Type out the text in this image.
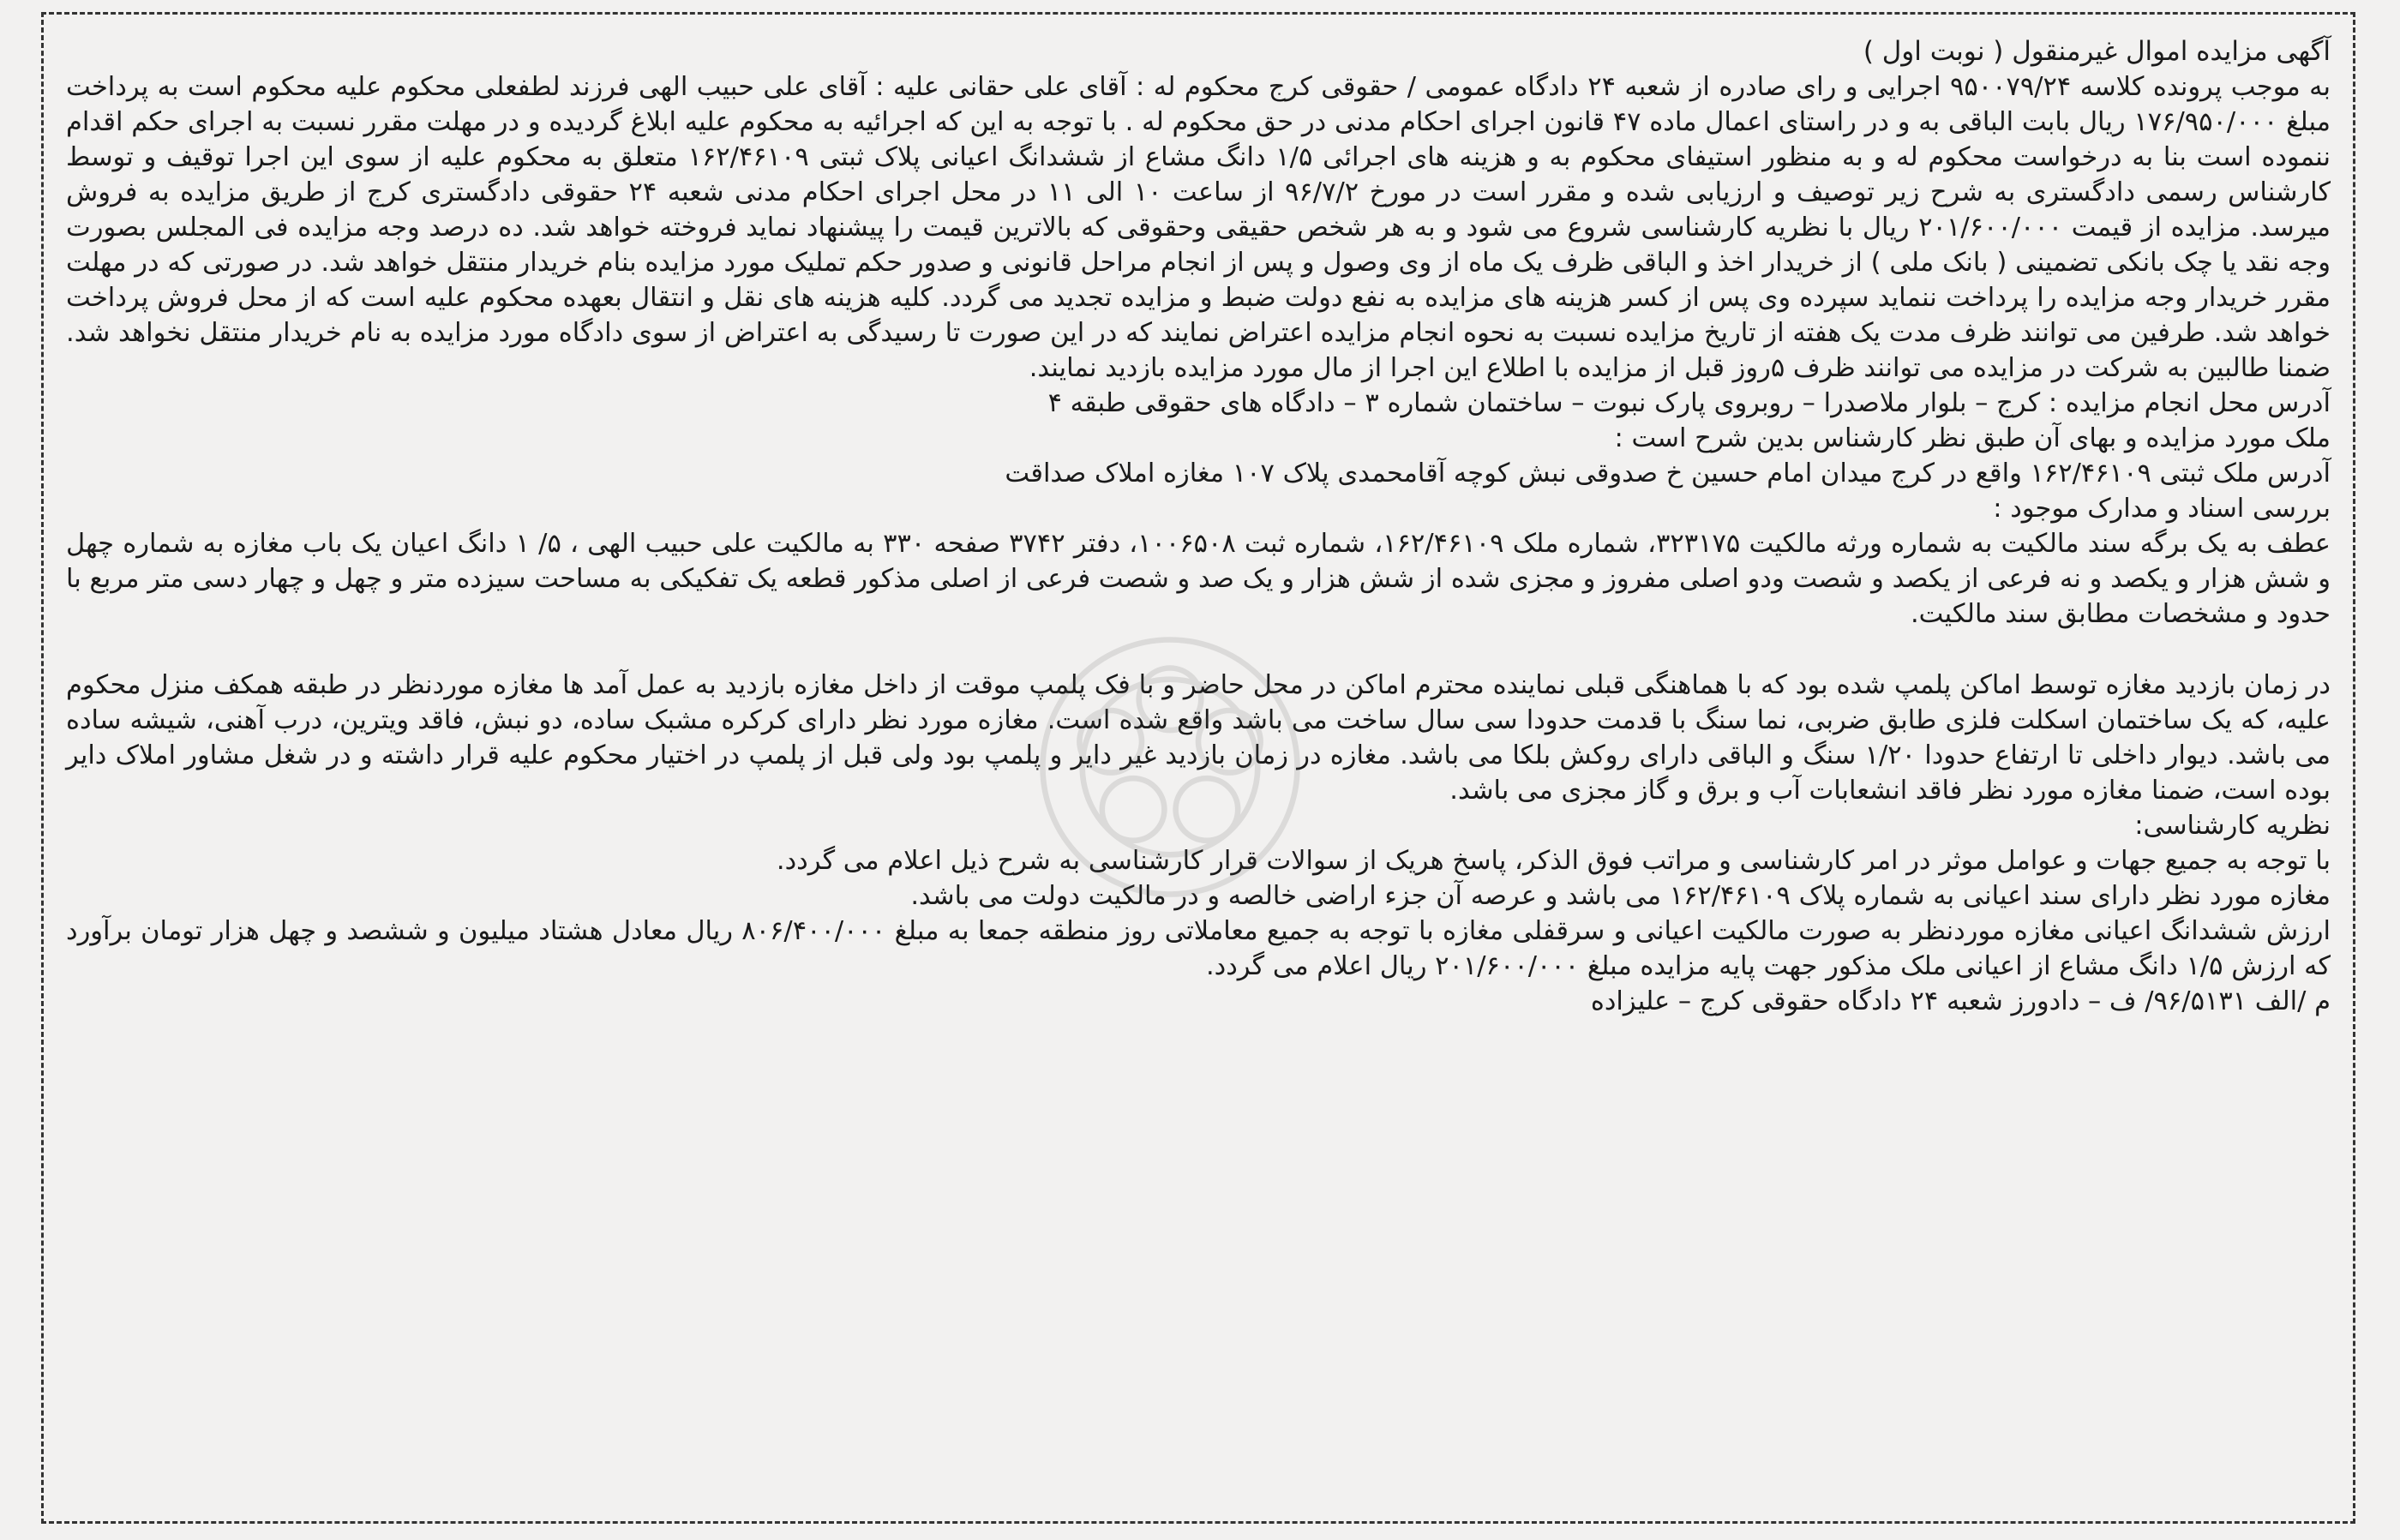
آگهی مزایده اموال غیرمنقول ( نوبت اول )

به موجب پرونده کلاسه ۹۵۰۰۷۹/۲۴ اجرایی و رای صادره از شعبه ۲۴ دادگاه عمومی / حقوقی کرج محکوم له : آقای علی حقانی علیه : آقای علی حبیب الهی فرزند لطفعلی محکوم علیه محکوم است به پرداخت مبلغ ۱۷۶/۹۵۰/۰۰۰ ریال بابت الباقی به و در راستای اعمال ماده ۴۷ قانون اجرای احکام مدنی در حق محکوم له . با توجه به این که اجرائیه به محکوم علیه ابلاغ گردیده و در مهلت مقرر نسبت به اجرای حکم اقدام ننموده است بنا به درخواست محکوم له و به منظور استیفای محکوم به و هزینه های اجرائی ۱/۵ دانگ مشاع از ششدانگ اعیانی پلاک ثبتی ۱۶۲/۴۶۱۰۹ متعلق به محکوم علیه از سوی این اجرا توقیف و توسط کارشناس رسمی دادگستری به شرح زیر توصیف و ارزیابی شده و مقرر است در مورخ ۹۶/۷/۲ از ساعت ۱۰ الی ۱۱ در محل اجرای احکام مدنی شعبه ۲۴ حقوقی دادگستری کرج از طریق مزایده به فروش میرسد. مزایده از قیمت ۲۰۱/۶۰۰/۰۰۰ ریال با نظریه کارشناسی شروع می شود و به هر شخص حقیقی وحقوقی که بالاترین قیمت را پیشنهاد نماید فروخته خواهد شد. ده درصد وجه مزایده فی المجلس بصورت وجه نقد یا چک بانکی تضمینی ( بانک ملی ) از خریدار اخذ و الباقی ظرف یک ماه از وی وصول و پس از انجام مراحل قانونی و صدور حکم تملیک مورد مزایده بنام خریدار منتقل خواهد شد. در صورتی که در مهلت مقرر خریدار وجه مزایده را پرداخت ننماید سپرده وی پس از کسر هزینه های مزایده به نفع دولت ضبط و مزایده تجدید می گردد. کلیه هزینه های نقل و انتقال بعهده محکوم علیه است که از محل فروش پرداخت خواهد شد. طرفین می توانند ظرف مدت یک هفته از تاریخ مزایده نسبت به نحوه انجام مزایده اعتراض نمایند که در این صورت تا رسیدگی به اعتراض از سوی دادگاه مورد مزایده به نام خریدار منتقل نخواهد شد. ضمنا طالبین به شرکت در مزایده می توانند ظرف ۵روز قبل از مزایده با اطلاع این اجرا از مال مورد مزایده بازدید نمایند.

آدرس محل انجام مزایده : کرج – بلوار ملاصدرا – روبروی پارک نبوت – ساختمان شماره ۳ – دادگاه های حقوقی طبقه ۴

ملک مورد مزایده و بهای آن طبق نظر کارشناس بدین شرح است :

آدرس ملک ثبتی ۱۶۲/۴۶۱۰۹ واقع در کرج میدان امام حسین خ صدوقی نبش کوچه آقامحمدی پلاک ۱۰۷ مغازه املاک صداقت

بررسی اسناد و مدارک موجود :

عطف به یک برگه سند مالکیت به شماره ورثه مالکیت ۳۲۳۱۷۵، شماره ملک ۱۶۲/۴۶۱۰۹، شماره ثبت ۱۰۰۶۵۰۸، دفتر ۳۷۴۲ صفحه ۳۳۰ به مالکیت علی حبیب الهی ، ۵/ ۱ دانگ اعیان یک باب مغازه به شماره چهل و شش هزار و یکصد و نه فرعی از یکصد و شصت ودو اصلی مفروز و مجزی شده از شش هزار و یک صد و شصت فرعی از اصلی مذکور قطعه یک تفکیکی به مساحت سیزده متر و چهل و چهار دسی متر مربع با حدود و مشخصات مطابق سند مالکیت.

در زمان بازدید مغازه توسط اماکن پلمپ شده بود که با هماهنگی قبلی نماینده محترم اماکن در محل حاضر و با فک پلمپ موقت از داخل مغازه بازدید به عمل آمد ها مغازه موردنظر در طبقه همکف منزل محکوم علیه، که یک ساختمان اسکلت فلزی طابق ضربی، نما سنگ با قدمت حدودا سی سال ساخت می باشد واقع شده است. مغازه مورد نظر دارای کرکره مشبک ساده، دو نبش، فاقد ویترین، درب آهنی، شیشه ساده می باشد. دیوار داخلی تا ارتفاع حدودا ۱/۲۰ سنگ و الباقی دارای روکش بلکا می باشد. مغازه در زمان بازدید غیر دایر و پلمپ بود ولی قبل از پلمپ در اختیار محکوم علیه قرار داشته و در شغل مشاور املاک دایر بوده است، ضمنا مغازه مورد نظر فاقد انشعابات آب و برق و گاز مجزی می باشد.

نظریه کارشناسی:

با توجه به جمیع جهات و عوامل موثر در امر کارشناسی و مراتب فوق الذکر، پاسخ هریک از سوالات قرار کارشناسی به شرح ذیل اعلام می گردد.

مغازه مورد نظر دارای سند اعیانی به شماره پلاک ۱۶۲/۴۶۱۰۹ می باشد و عرصه آن جزء اراضی خالصه و در مالکیت دولت می باشد.

ارزش ششدانگ اعیانی مغازه موردنظر به صورت مالکیت اعیانی و سرقفلی مغازه با توجه به جمیع معاملاتی روز منطقه جمعا به مبلغ ۸۰۶/۴۰۰/۰۰۰ ریال معادل هشتاد میلیون و ششصد و چهل هزار تومان برآورد که ارزش ۱/۵ دانگ مشاع از اعیانی ملک مذکور جهت پایه مزایده مبلغ ۲۰۱/۶۰۰/۰۰۰ ریال اعلام می گردد.

م /الف ۹۶/۵۱۳۱/ ف – دادورز شعبه ۲۴ دادگاه حقوقی کرج – علیزاده
